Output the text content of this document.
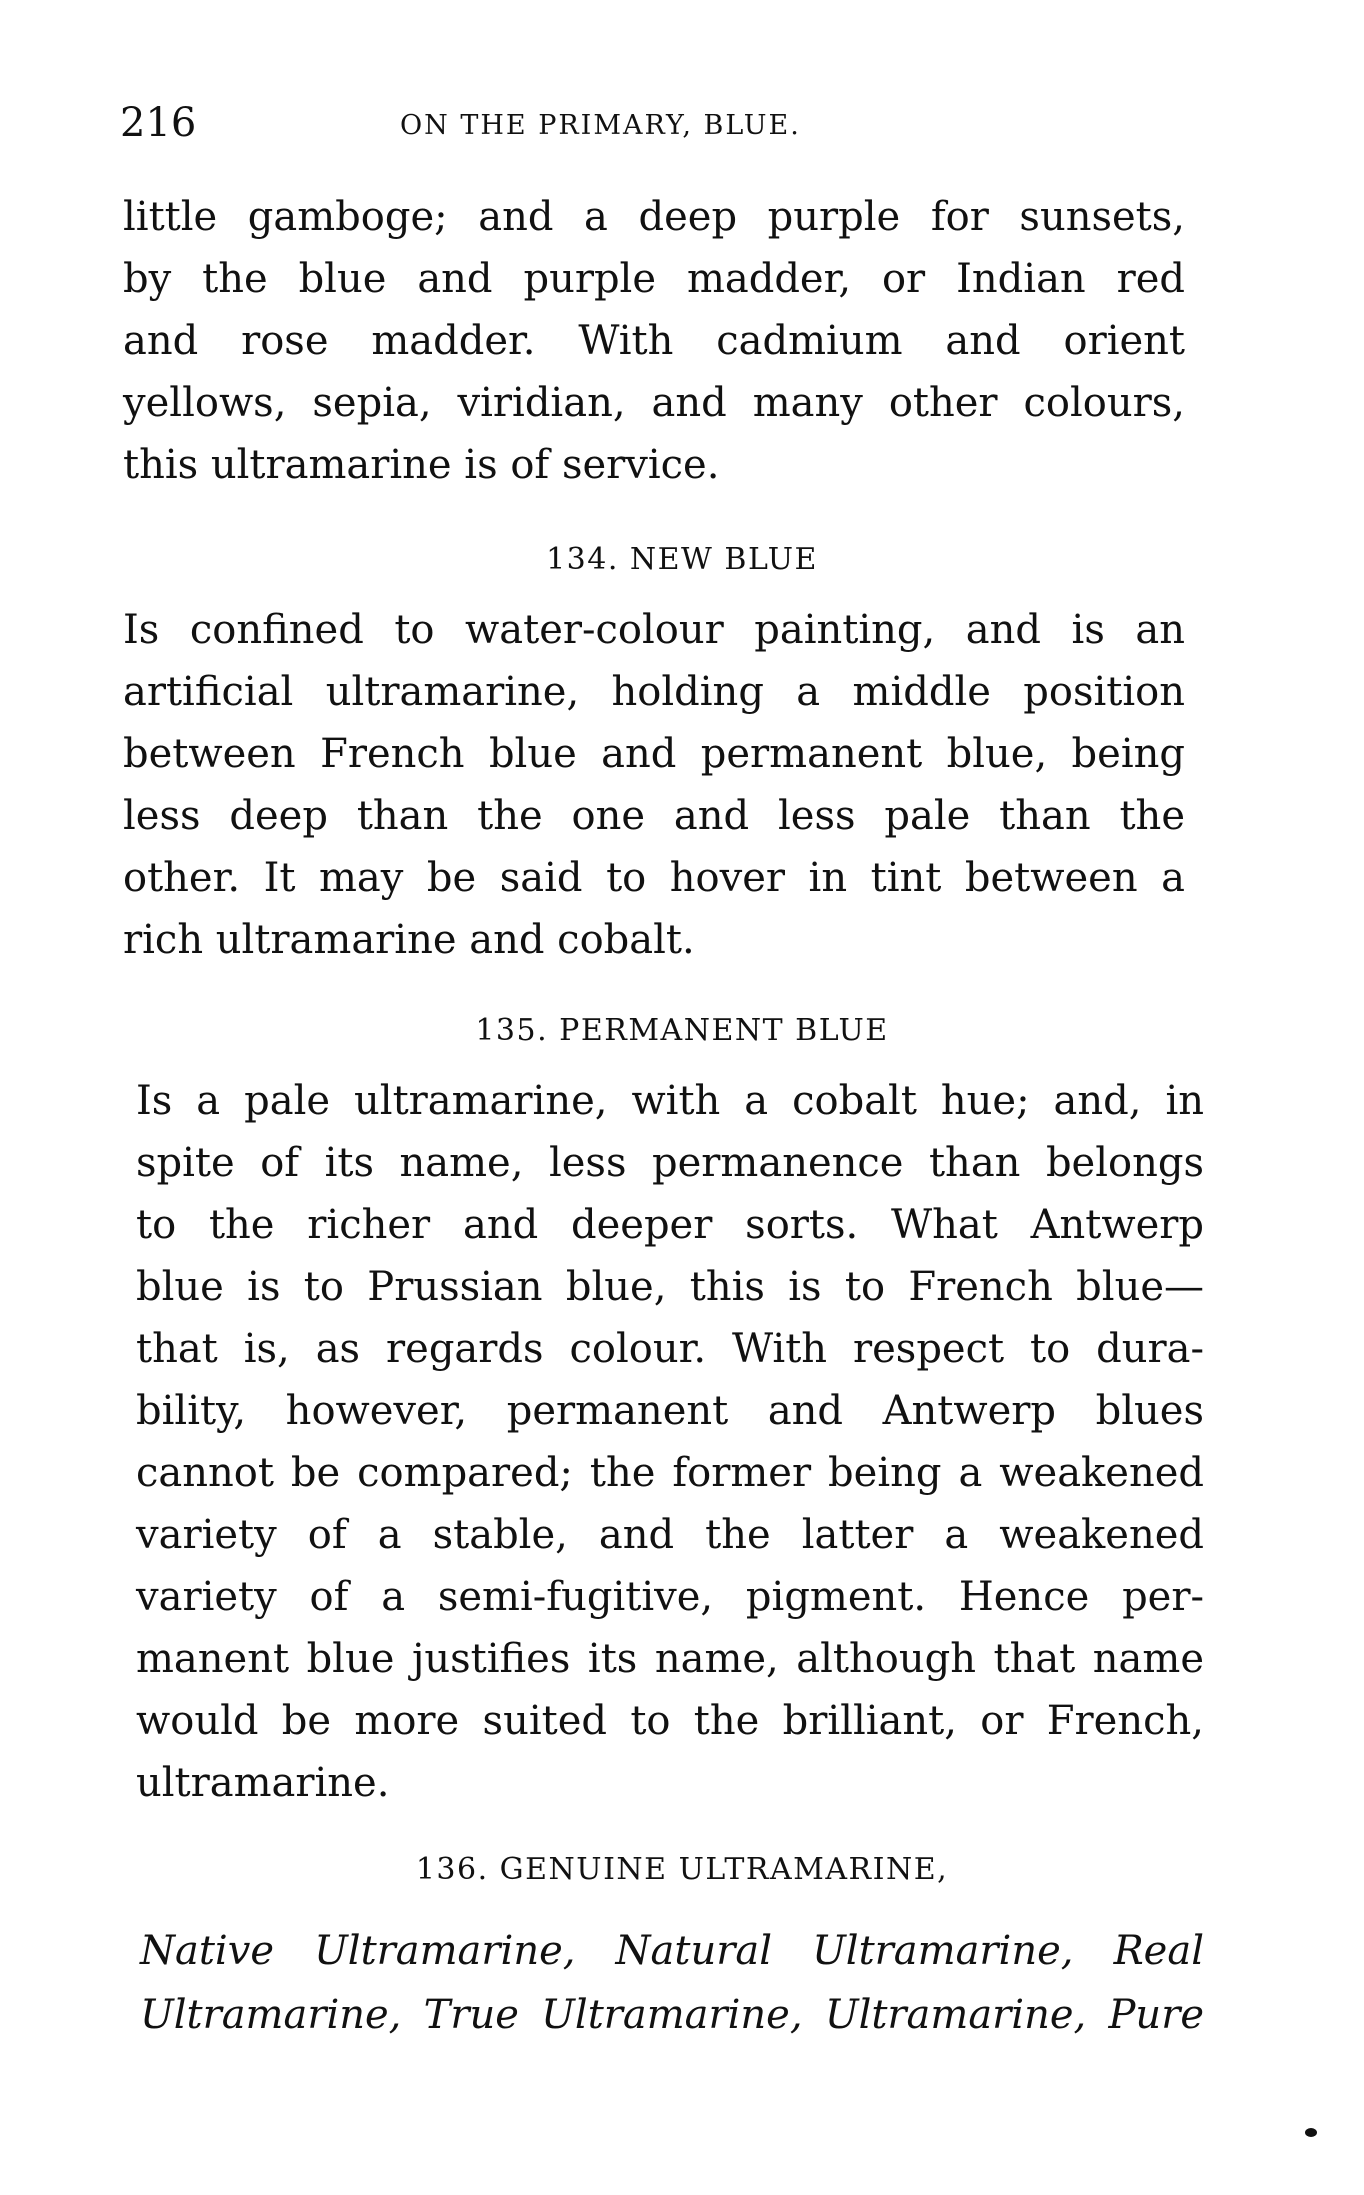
216	ON THE PRIMARY, BLUE.
little gamboge; and a deep purple for sunsets,
by the blue and purple madder, or Indian red
and rose madder. With cadmium and orient
yellows, sepia, viridian, and many other colours,
this ultramarine is of service.
134. NEW BLUE
Is confined to water-colour painting, and is an
artificial ultramarine, holding a middle position
between French blue and permanent blue, being
less deep than the one and less pale than the
other. It may be said to hover in tint between a
rich ultramarine and cobalt.
135. PERMANENT BLUE
Is a pale ultramarine, with a cobalt hue; and, in
spite of its name, less permanence than belongs
to the richer and deeper sorts. What Antwerp
blue is to Prussian blue, this is to French blue—
that is, as regards colour. With respect to dura-
bility, however, permanent and Antwerp blues
cannot be compared; the former being a weakened
variety of a stable, and the latter a weakened
variety of a semi-fugitive, pigment. Hence per-
manent blue justifies its name, although that name
would be more suited to the brilliant, or French,
ultramarine.
136. GENUINE ULTRAMARINE,
Native Ultramarine, Natural Ultramarine, Real
Ultramarine, True Ultramarine, Ultramarine, Pure
